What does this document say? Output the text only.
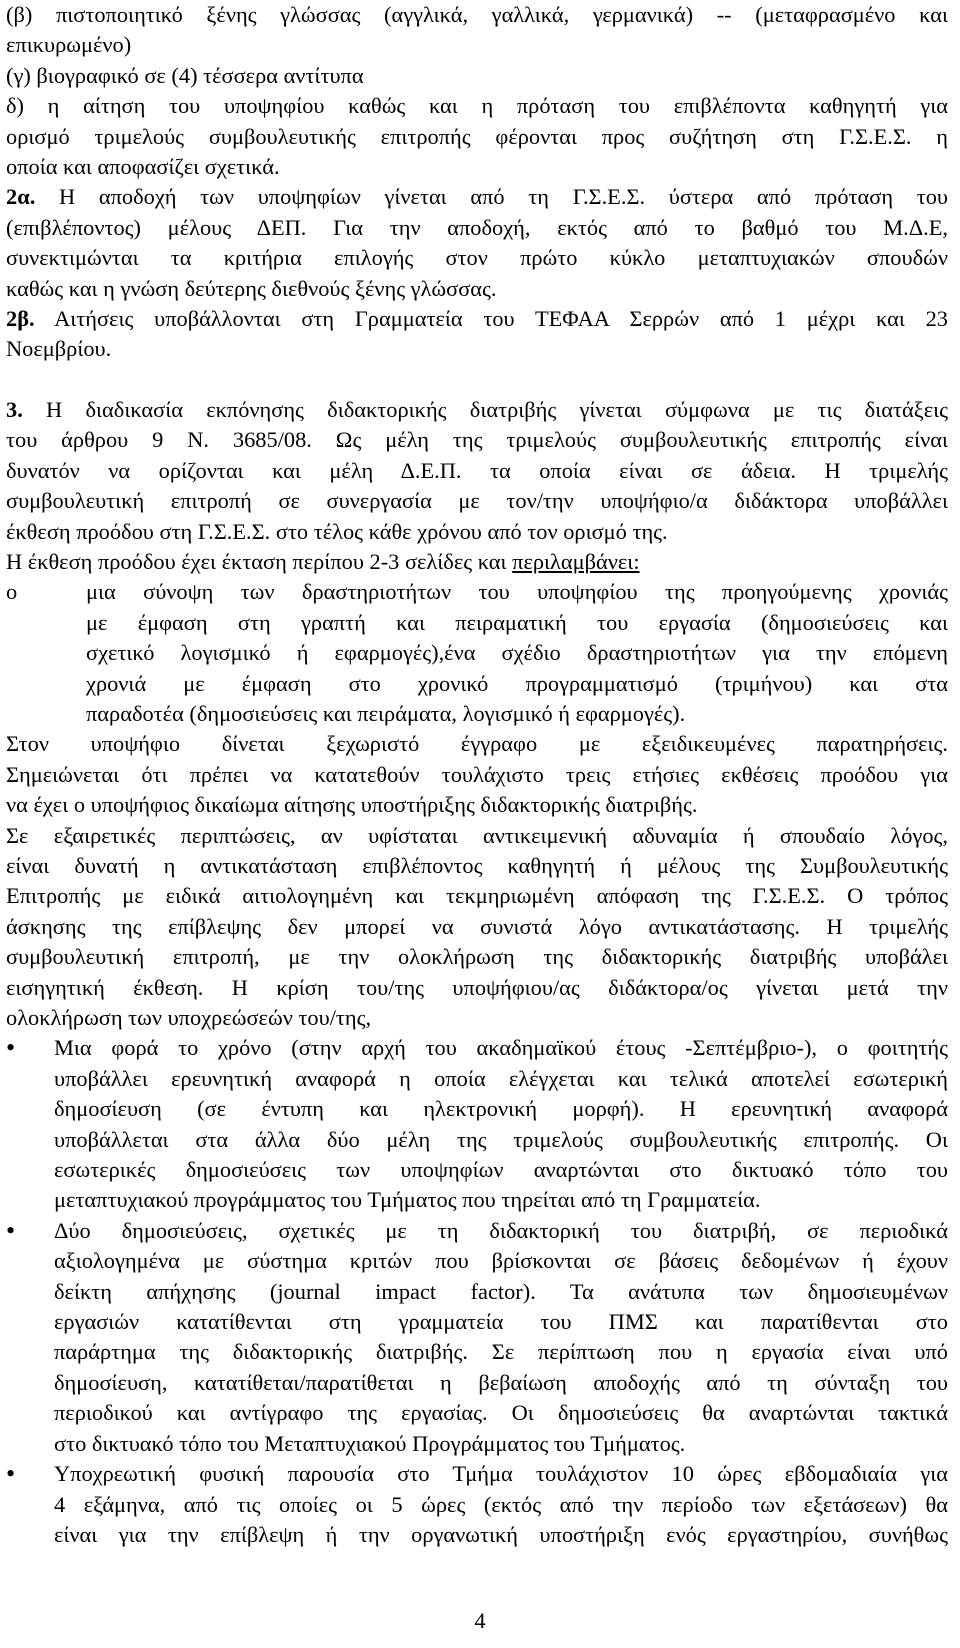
(β) πιστοποιητικό ξένης γλώσσας (αγγλικά, γαλλικά, γερμανικά) -- (μεταφρασμένο και
επικυρωμένο)
(γ) βιογραφικό σε (4) τέσσερα αντίτυπα
δ) η αίτηση του υποψηφίου καθώς και η πρόταση του επιβλέποντα καθηγητή για
ορισμό τριμελούς συμβουλευτικής επιτροπής φέρονται προς συζήτηση στη Γ.Σ.Ε.Σ. η
οποία και αποφασίζει σχετικά.
2α. Η αποδοχή των υποψηφίων γίνεται από τη Γ.Σ.Ε.Σ. ύστερα από πρόταση του
(επιβλέποντος) μέλους ΔΕΠ. Για την αποδοχή, εκτός από το βαθμό του Μ.Δ.Ε,
συνεκτιμώνται τα κριτήρια επιλογής στον πρώτο κύκλο μεταπτυχιακών σπουδών
καθώς και η γνώση δεύτερης διεθνούς ξένης γλώσσας.
2β. Αιτήσεις υποβάλλονται στη Γραμματεία του ΤΕΦΑΑ Σερρών από 1 μέχρι και 23
Νοεμβρίου.
3. Η διαδικασία εκπόνησης διδακτορικής διατριβής γίνεται σύμφωνα με τις διατάξεις
του άρθρου 9 Ν. 3685/08. Ως μέλη της τριμελούς συμβουλευτικής επιτροπής είναι
δυνατόν να ορίζονται και μέλη Δ.Ε.Π. τα οποία είναι σε άδεια. Η τριμελής
συμβουλευτική επιτροπή σε συνεργασία με τον/την υποψήφιο/α διδάκτορα υποβάλλει
έκθεση προόδου στη Γ.Σ.Ε.Σ. στο τέλος κάθε χρόνου από τον ορισμό της.
Η έκθεση προόδου έχει έκταση περίπου 2-3 σελίδες και περιλαμβάνει:
o	μια σύνοψη των δραστηριοτήτων του υποψηφίου της προηγούμενης χρονιάς
με έμφαση στη γραπτή και πειραματική του εργασία (δημοσιεύσεις και
σχετικό λογισμικό ή εφαρμογές),ένα σχέδιο δραστηριοτήτων για την επόμενη
χρονιά με έμφαση στο χρονικό προγραμματισμό (τριμήνου) και στα
παραδοτέα (δημοσιεύσεις και πειράματα, λογισμικό ή εφαρμογές).
Στον υποψήφιο δίνεται ξεχωριστό έγγραφο με εξειδικευμένες παρατηρήσεις.
Σημειώνεται ότι πρέπει να κατατεθούν τουλάχιστο τρεις ετήσιες εκθέσεις προόδου για
να έχει ο υποψήφιος δικαίωμα αίτησης υποστήριξης διδακτορικής διατριβής.
Σε εξαιρετικές περιπτώσεις, αν υφίσταται αντικειμενική αδυναμία ή σπουδαίο λόγος,
είναι δυνατή η αντικατάσταση επιβλέποντος καθηγητή ή μέλους της Συμβουλευτικής
Επιτροπής με ειδικά αιτιολογημένη και τεκμηριωμένη απόφαση της Γ.Σ.Ε.Σ. Ο τρόπος
άσκησης της επίβλεψης δεν μπορεί να συνιστά λόγο αντικατάστασης. Η τριμελής
συμβουλευτική επιτροπή, με την ολοκλήρωση της διδακτορικής διατριβής υποβάλει
εισηγητική έκθεση. Η κρίση του/της υποψήφιου/ας διδάκτορα/ος γίνεται μετά την
ολοκλήρωση των υποχρεώσεών του/της,
• Μια φορά το χρόνο (στην αρχή του ακαδημαϊκού έτους -Σεπτέμβριο-), ο φοιτητής
υποβάλλει ερευνητική αναφορά η οποία ελέγχεται και τελικά αποτελεί εσωτερική
δημοσίευση (σε έντυπη και ηλεκτρονική μορφή). Η ερευνητική αναφορά
υποβάλλεται στα άλλα δύο μέλη της τριμελούς συμβουλευτικής επιτροπής. Οι
εσωτερικές δημοσιεύσεις των υποψηφίων αναρτώνται στο δικτυακό τόπο του
μεταπτυχιακού προγράμματος του Τμήματος που τηρείται από τη Γραμματεία.
• Δύο δημοσιεύσεις, σχετικές με τη διδακτορική του διατριβή, σε περιοδικά
αξιολογημένα με σύστημα κριτών που βρίσκονται σε βάσεις δεδομένων ή έχουν
δείκτη απήχησης (journal impact factor). Τα ανάτυπα των δημοσιευμένων
εργασιών κατατίθενται στη γραμματεία του ΠΜΣ και παρατίθενται στο
παράρτημα της διδακτορικής διατριβής. Σε περίπτωση που η εργασία είναι υπό
δημοσίευση, κατατίθεται/παρατίθεται η βεβαίωση αποδοχής από τη σύνταξη του
περιοδικού και αντίγραφο της εργασίας. Οι δημοσιεύσεις θα αναρτώνται τακτικά
στο δικτυακό τόπο του Μεταπτυχιακού Προγράμματος του Τμήματος.
• Υποχρεωτική φυσική παρουσία στο Τμήμα τουλάχιστον 10 ώρες εβδομαδιαία για
4 εξάμηνα, από τις οποίες οι 5 ώρες (εκτός από την περίοδο των εξετάσεων) θα
είναι για την επίβλεψη ή την οργανωτική υποστήριξη ενός εργαστηρίου, συνήθως
4
